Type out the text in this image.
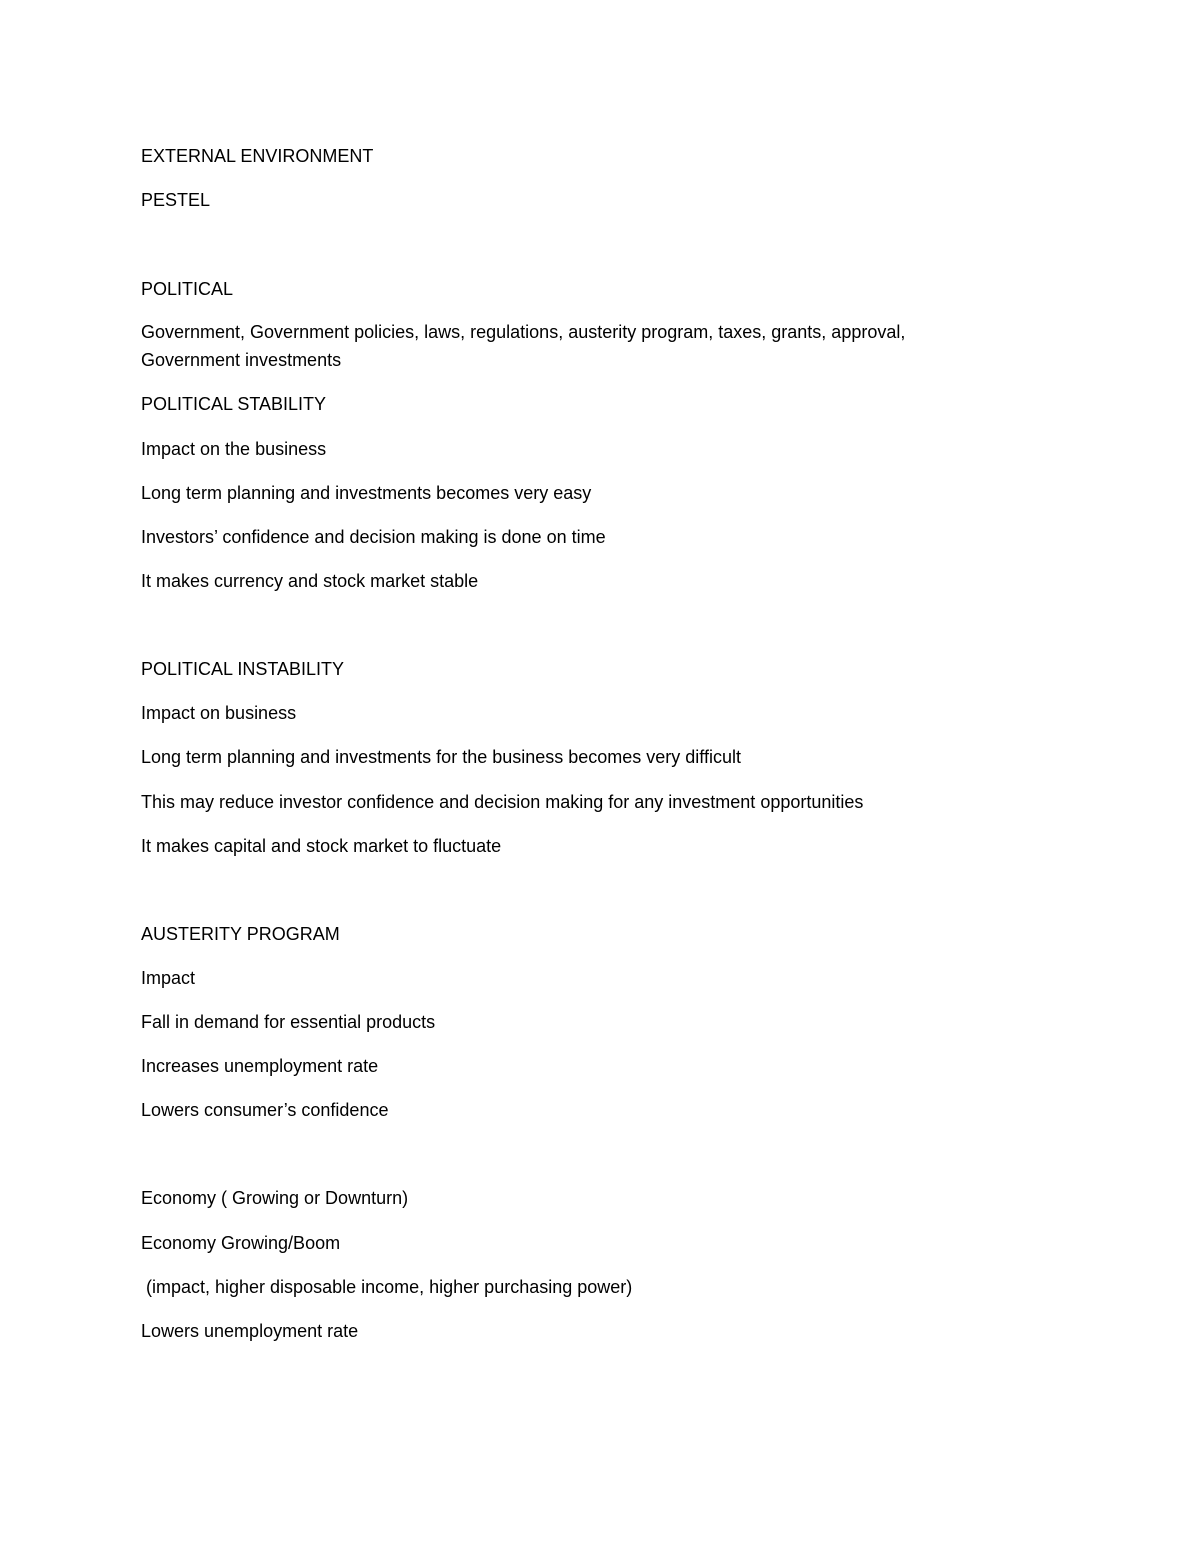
EXTERNAL ENVIRONMENT
PESTEL
POLITICAL
Government, Government policies, laws, regulations, austerity program, taxes, grants, approval,
Government investments
POLITICAL STABILITY
Impact on the business
Long term planning and investments becomes very easy
Investors’ confidence and decision making is done on time
It makes currency and stock market stable
POLITICAL INSTABILITY
Impact on business
Long term planning and investments for the business becomes very difficult
This may reduce investor confidence and decision making for any investment opportunities
It makes capital and stock market to fluctuate
AUSTERITY PROGRAM
Impact
Fall in demand for essential products
Increases unemployment rate
Lowers consumer’s confidence
Economy ( Growing or Downturn)
Economy Growing/Boom
(impact, higher disposable income, higher purchasing power)
Lowers unemployment rate
